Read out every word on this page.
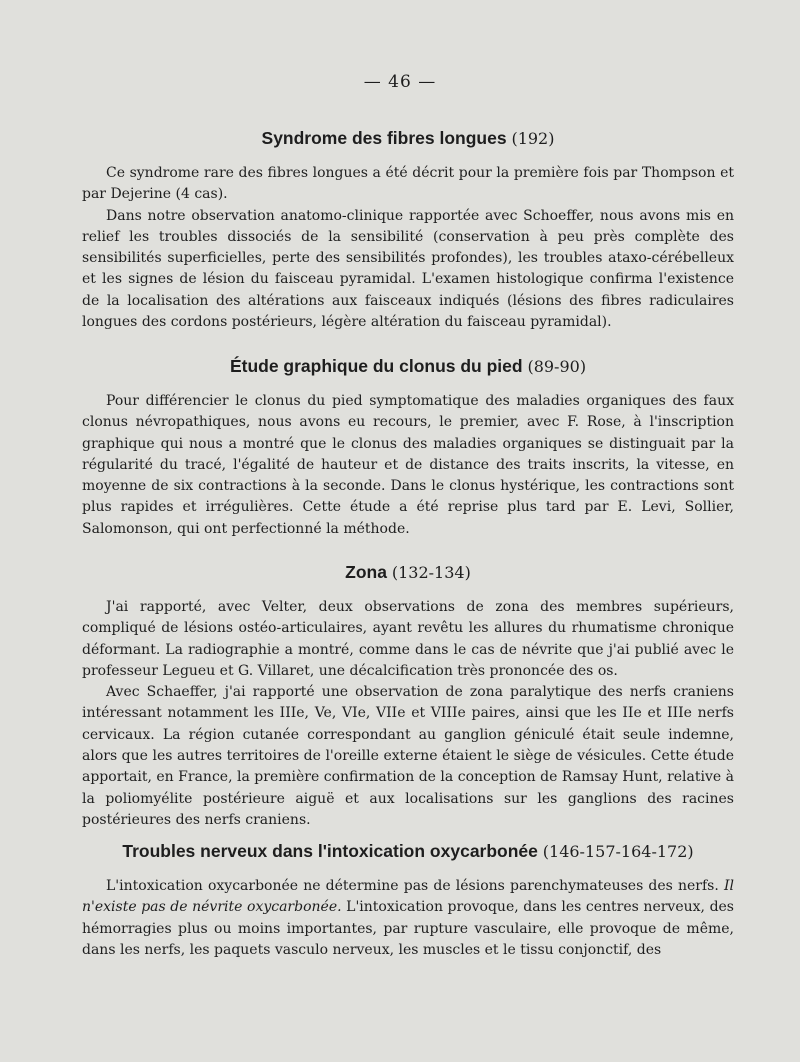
— 46 —
Syndrome des fibres longues (192)

Ce syndrome rare des fibres longues a été décrit pour la première fois par Thompson et par Dejerine (4 cas).

Dans notre observation anatomo-clinique rapportée avec Schoeffer, nous avons mis en relief les troubles dissociés de la sensibilité (conservation à peu près complète des sensibilités superficielles, perte des sensibilités profondes), les troubles ataxo-cérébelleux et les signes de lésion du faisceau pyramidal. L'examen histologique confirma l'existence de la localisation des altérations aux faisceaux indiqués (lésions des fibres radiculaires longues des cordons postérieurs, légère altération du faisceau pyramidal).

Étude graphique du clonus du pied (89-90)

Pour différencier le clonus du pied symptomatique des maladies organiques des faux clonus névropathiques, nous avons eu recours, le premier, avec F. Rose, à l'inscription graphique qui nous a montré que le clonus des maladies organiques se distinguait par la régularité du tracé, l'égalité de hauteur et de distance des traits inscrits, la vitesse, en moyenne de six contractions à la seconde. Dans le clonus hystérique, les contractions sont plus rapides et irrégulières. Cette étude a été reprise plus tard par E. Levi, Sollier, Salomonson, qui ont perfectionné la méthode.

Zona (132-134)

J'ai rapporté, avec Velter, deux observations de zona des membres supérieurs, compliqué de lésions ostéo-articulaires, ayant revêtu les allures du rhumatisme chronique déformant. La radiographie a montré, comme dans le cas de névrite que j'ai publié avec le professeur Legueu et G. Villaret, une décalcification très prononcée des os.

Avec Schaeffer, j'ai rapporté une observation de zona paralytique des nerfs craniens intéressant notamment les IIIe, Ve, VIe, VIIe et VIIIe paires, ainsi que les IIe et IIIe nerfs cervicaux. La région cutanée correspondant au ganglion géniculé était seule indemne, alors que les autres territoires de l'oreille externe étaient le siège de vésicules. Cette étude apportait, en France, la première confirmation de la conception de Ramsay Hunt, relative à la poliomyélite postérieure aiguë et aux localisations sur les ganglions des racines postérieures des nerfs craniens.

Troubles nerveux dans l'intoxication oxycarbonée (146-157-164-172)

L'intoxication oxycarbonée ne détermine pas de lésions parenchymateuses des nerfs. Il n'existe pas de névrite oxycarbonée. L'intoxication provoque, dans les centres nerveux, des hémorragies plus ou moins importantes, par rupture vasculaire, elle provoque de même, dans les nerfs, les paquets vasculo nerveux, les muscles et le tissu conjonctif, des
